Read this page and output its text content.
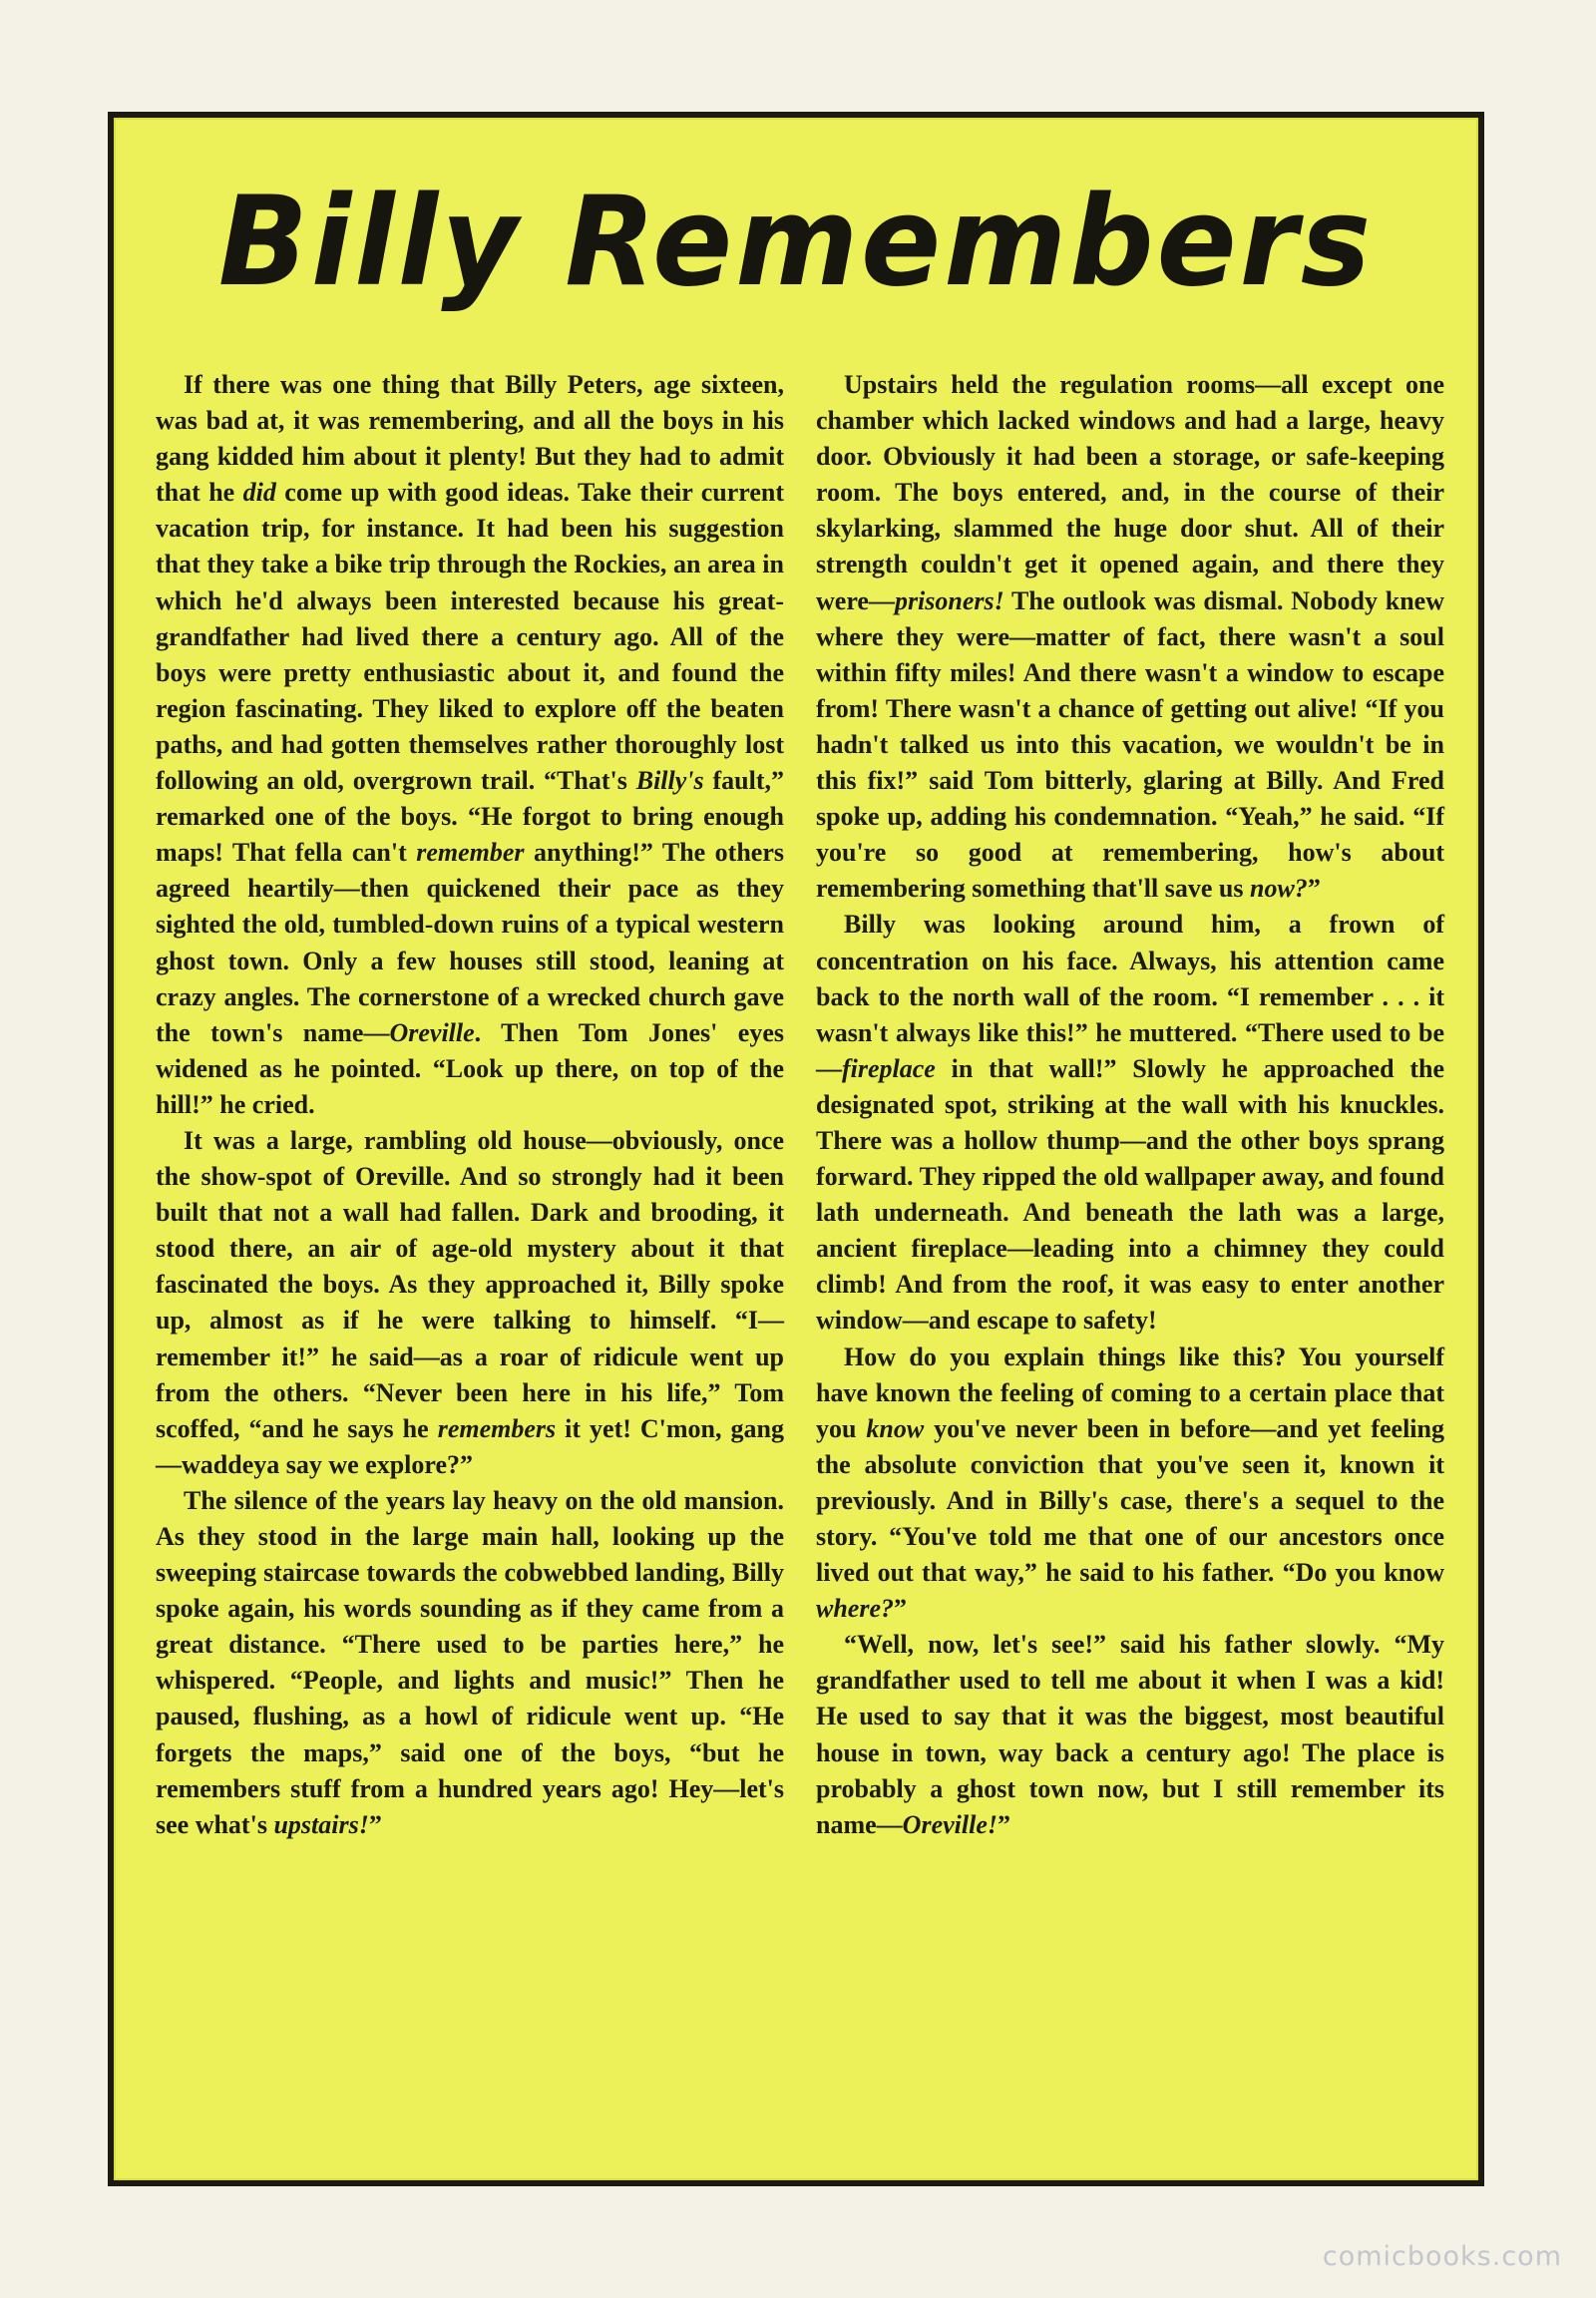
Billy Remembers

If there was one thing that Billy Peters, age sixteen, was bad at, it was remembering, and all the boys in his gang kidded him about it plenty! But they had to admit that he did come up with good ideas. Take their current vacation trip, for instance. It had been his suggestion that they take a bike trip through the Rockies, an area in which he'd always been interested because his great-grandfather had lived there a century ago. All of the boys were pretty enthusiastic about it, and found the region fascinating. They liked to explore off the beaten paths, and had gotten themselves rather thoroughly lost following an old, overgrown trail. “That's Billy's fault,” remarked one of the boys. “He forgot to bring enough maps! That fella can't remember anything!” The others agreed heartily—then quickened their pace as they sighted the old, tumbled-down ruins of a typical western ghost town. Only a few houses still stood, leaning at crazy angles. The cornerstone of a wrecked church gave the town's name—Oreville. Then Tom Jones' eyes widened as he pointed. “Look up there, on top of the hill!” he cried.

It was a large, rambling old house—obviously, once the show-spot of Oreville. And so strongly had it been built that not a wall had fallen. Dark and brooding, it stood there, an air of age-old mystery about it that fascinated the boys. As they approached it, Billy spoke up, almost as if he were talking to himself. “I—remember it!” he said—as a roar of ridicule went up from the others. “Never been here in his life,” Tom scoffed, “and he says he remembers it yet! C'mon, gang—waddeya say we explore?”

The silence of the years lay heavy on the old mansion. As they stood in the large main hall, looking up the sweeping staircase towards the cobwebbed landing, Billy spoke again, his words sounding as if they came from a great distance. “There used to be parties here,” he whispered. “People, and lights and music!” Then he paused, flushing, as a howl of ridicule went up. “He forgets the maps,” said one of the boys, “but he remembers stuff from a hundred years ago! Hey—let's see what's upstairs!”

Upstairs held the regulation rooms—all except one chamber which lacked windows and had a large, heavy door. Obviously it had been a storage, or safe-keeping room. The boys entered, and, in the course of their skylarking, slammed the huge door shut. All of their strength couldn't get it opened again, and there they were—prisoners! The outlook was dismal. Nobody knew where they were—matter of fact, there wasn't a soul within fifty miles! And there wasn't a window to escape from! There wasn't a chance of getting out alive! “If you hadn't talked us into this vacation, we wouldn't be in this fix!” said Tom bitterly, glaring at Billy. And Fred spoke up, adding his condemnation. “Yeah,” he said. “If you're so good at remembering, how's about remembering something that'll save us now?”

Billy was looking around him, a frown of concentration on his face. Always, his attention came back to the north wall of the room. “I remember . . . it wasn't always like this!” he muttered. “There used to be—fireplace in that wall!” Slowly he approached the designated spot, striking at the wall with his knuckles. There was a hollow thump—and the other boys sprang forward. They ripped the old wallpaper away, and found lath underneath. And beneath the lath was a large, ancient fireplace—leading into a chimney they could climb! And from the roof, it was easy to enter another window—and escape to safety!

How do you explain things like this? You yourself have known the feeling of coming to a certain place that you know you've never been in before—and yet feeling the absolute conviction that you've seen it, known it previously. And in Billy's case, there's a sequel to the story. “You've told me that one of our ancestors once lived out that way,” he said to his father. “Do you know where?”

“Well, now, let's see!” said his father slowly. “My grandfather used to tell me about it when I was a kid! He used to say that it was the biggest, most beautiful house in town, way back a century ago! The place is probably a ghost town now, but I still remember its name—Oreville!”

comicbooks.com
